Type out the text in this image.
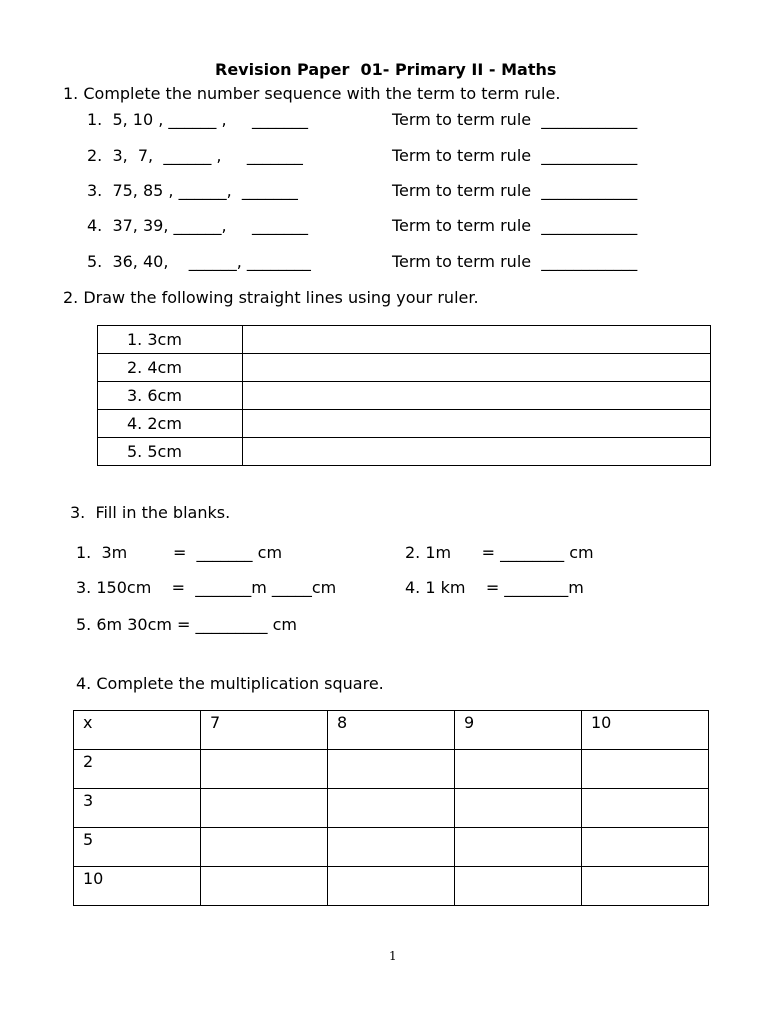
Revision Paper  01- Primary II - Maths
1. Complete the number sequence with the term to term rule.
1.  5, 10 , ______ ,     _______	Term to term rule  ____________
2.  3,  7,  ______ ,     _______	Term to term rule  ____________
3.  75, 85 , ______,  _______	Term to term rule  ____________
4.  37, 39, ______,     _______	Term to term rule  ____________
5.  36, 40,    ______, ________	Term to term rule  ____________
2. Draw the following straight lines using your ruler.
1. 3cm	
2. 4cm	
3. 6cm	
4. 2cm	
5. 5cm	
3.  Fill in the blanks.
1.  3m         =  _______ cm	2. 1m      = ________ cm
3. 150cm    =  _______m _____cm	4. 1 km    = ________m
5. 6m 30cm = _________ cm
4. Complete the multiplication square.
x	7	8	9	10
2				
3				
5				
10				
1
